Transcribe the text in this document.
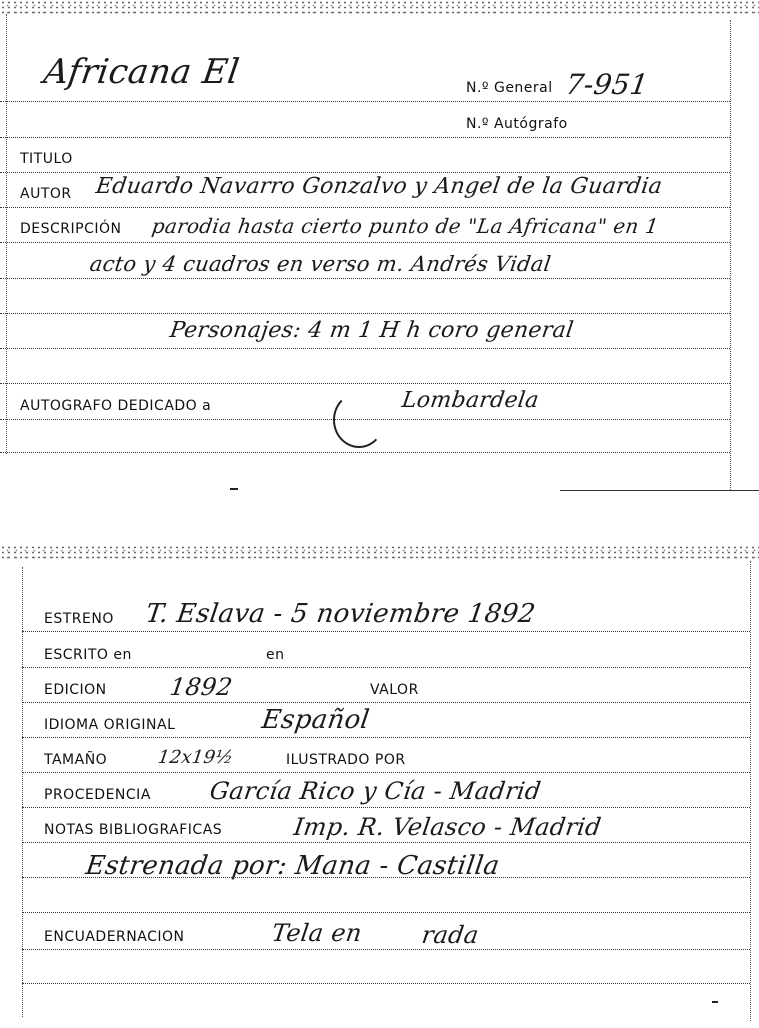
Africana El	N.º General 7-951
N.º Autógrafo
TITULO
AUTOR Eduardo Navarro Gonzalvo y Angel de la Guardia
DESCRIPCIÓN parodia hasta cierto punto de "La Africana" en 1
acto y 4 cuadros en verso m. Andrés Vidal
Personajes: 4 m 1 H h coro general
AUTOGRAFO DEDICADO a	Lombardela
ESTRENO T. Eslava - 5 noviembre 1892
ESCRITO en	en
EDICION	1892	VALOR
IDIOMA ORIGINAL	Español
TAMAÑO	12x19½	ILUSTRADO POR
PROCEDENCIA García Rico y Cía - Madrid
NOTAS BIBLIOGRAFICAS	Imp. R. Velasco - Madrid
Estrenada por: Mana - Castilla
ENCUADERNACION	Tela en rada
